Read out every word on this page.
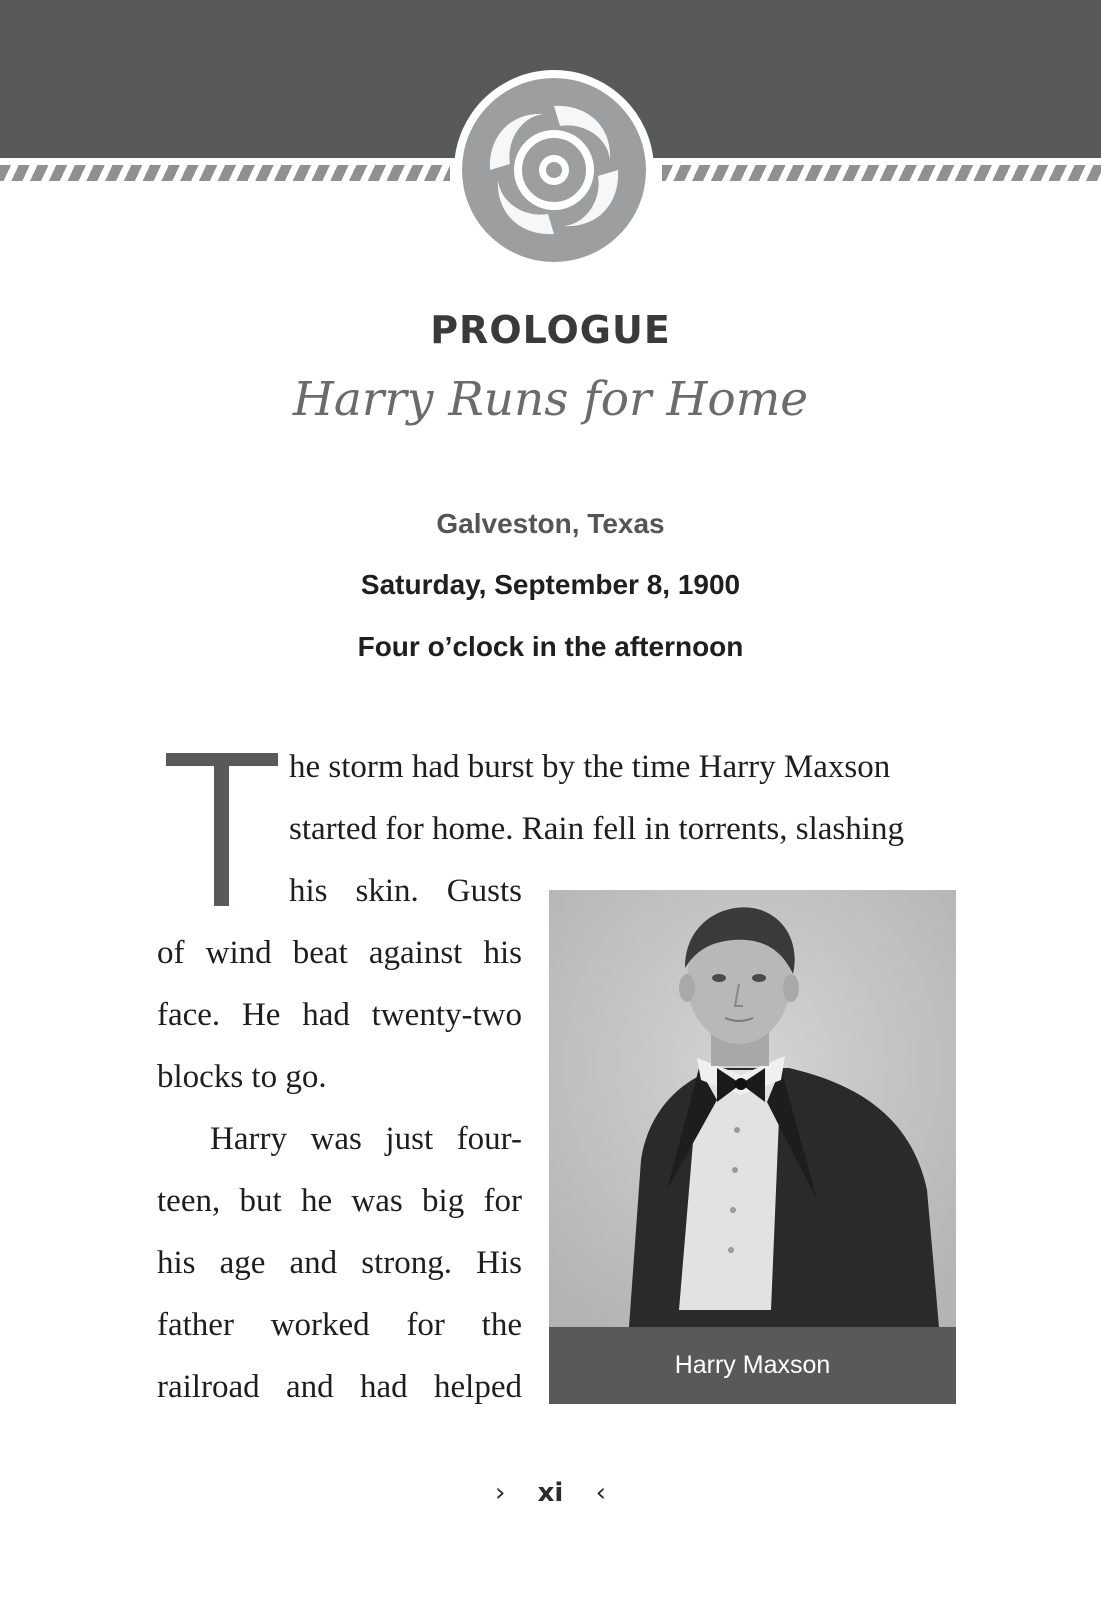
PROLOGUE
Harry Runs for Home
Galveston, Texas
Saturday, September 8, 1900
Four o’clock in the afternoon
he storm had burst by the time Harry Maxson
started for home. Rain fell in torrents, slashing
his skin. Gusts
of wind beat against his
face. He had twenty-two
blocks to go.
Harry was just four-
teen, but he was big for
his age and strong. His
father worked for the
railroad and had helped
Harry Maxson
› xi ‹
